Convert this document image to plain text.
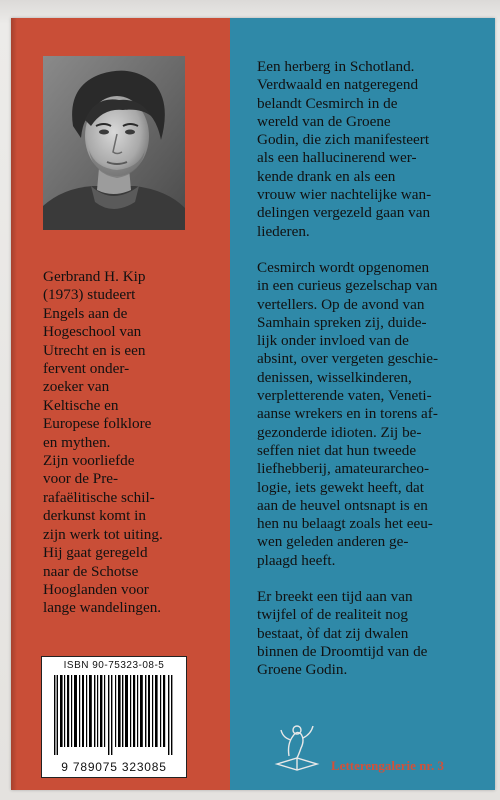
Gerbrand H. Kip
(1973) studeert
Engels aan de
Hogeschool van
Utrecht en is een
fervent onder-
zoeker van
Keltische en
Europese folklore
en mythen.
Zijn voorliefde
voor de Pre-
rafaëlitische schil-
derkunst komt in
zijn werk tot uiting.
Hij gaat geregeld
naar de Schotse
Hooglanden voor
lange wandelingen.
ISBN 90-75323-08-5
9 789075 323085

Een herberg in Schotland.
Verdwaald en natgeregend
belandt Cesmirch in de
wereld van de Groene
Godin, die zich manifesteert
als een hallucinerend wer-
kende drank en als een
vrouw wier nachtelijke wan-
delingen vergezeld gaan van
liederen.

Cesmirch wordt opgenomen
in een curieus gezelschap van
vertellers. Op de avond van
Samhain spreken zij, duide-
lijk onder invloed van de
absint, over vergeten geschie-
denissen, wisselkinderen,
verpletterende vaten, Veneti-
aanse wrekers en in torens af-
gezonderde idioten. Zij be-
seffen niet dat hun tweede
liefhebberij, amateurarcheo-
logie, iets gewekt heeft, dat
aan de heuvel ontsnapt is en
hen nu belaagt zoals het eeu-
wen geleden anderen ge-
plaagd heeft.

Er breekt een tijd aan van
twijfel of de realiteit nog
bestaat, òf dat zij dwalen
binnen de Droomtijd van de
Groene Godin.

Letterengalerie nr. 3
